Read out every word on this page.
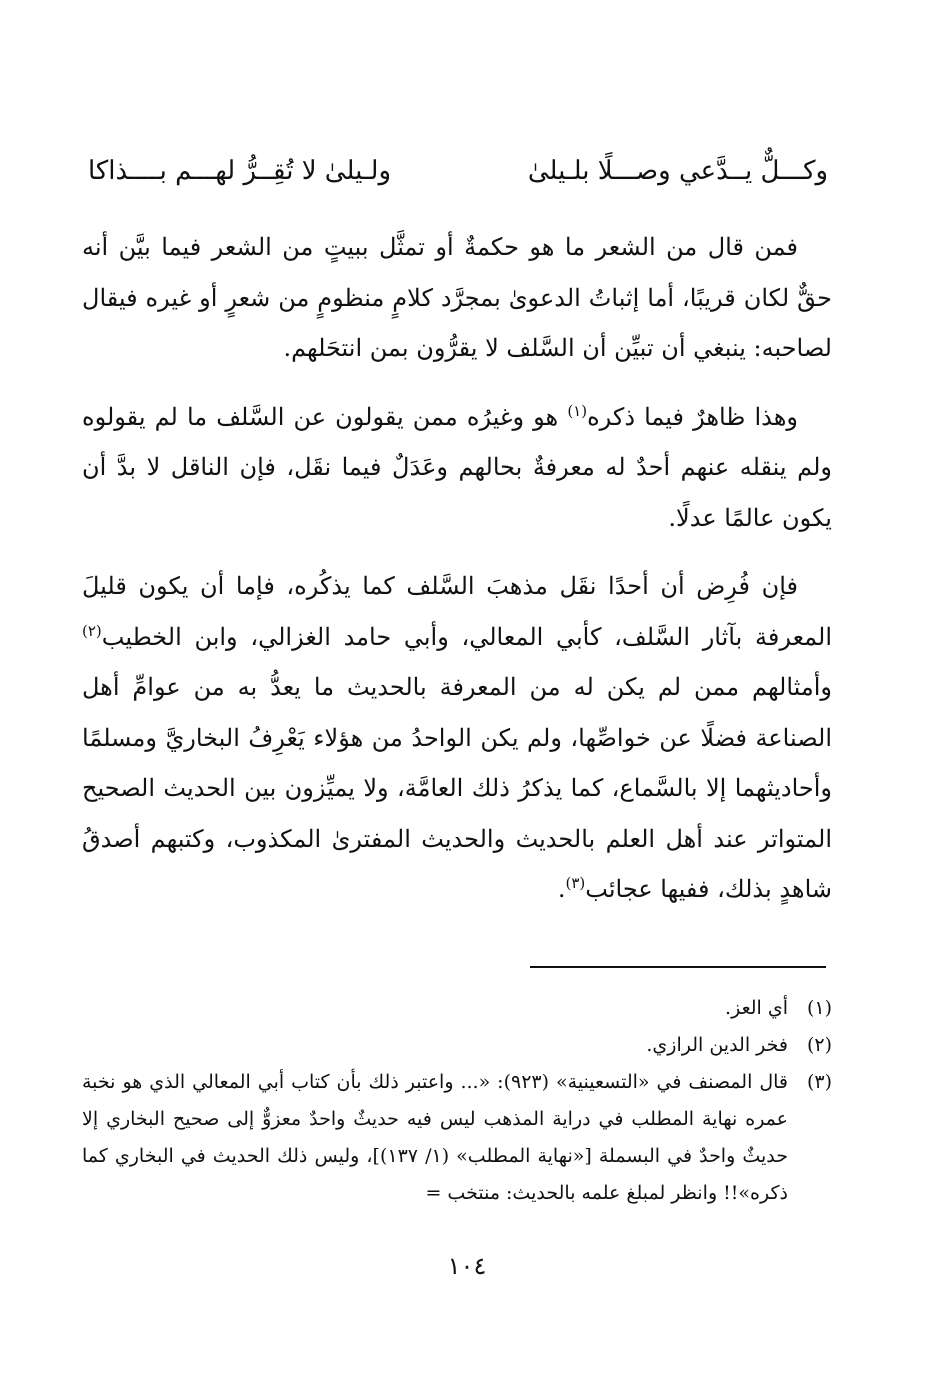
وكـــلٌّ يــدَّعي وصـــلًا بلـيلىٰ
ولـيلىٰ لا تُقِــرُّ لهـــم بــــذاكا

فمن قال من الشعر ما هو حكمةٌ أو تمثَّل ببيتٍ من الشعر فيما بيَّن أنه حقٌّ لكان قريبًا، أما إثباتُ الدعوىٰ بمجرَّد كلامٍ منظومٍ من شعرٍ أو غيره فيقال لصاحبه: ينبغي أن تبيِّن أن السَّلف لا يقرُّون بمن انتحَلهم.

وهذا ظاهرٌ فيما ذكره$^{(١)}$ هو وغيرُه ممن يقولون عن السَّلف ما لم يقولوه ولم ينقله عنهم أحدٌ له معرفةٌ بحالهم وعَدَلٌ فيما نقَل، فإن الناقل لا بدَّ أن يكون عالمًا عدلًا.

فإن فُرِض أن أحدًا نقَل مذهبَ السَّلف كما يذكُره، فإما أن يكون قليلَ المعرفة بآثار السَّلف، كأبي المعالي، وأبي حامد الغزالي، وابن الخطيب$^{(٢)}$ وأمثالهم ممن لم يكن له من المعرفة بالحديث ما يعدُّ به من عوامِّ أهل الصناعة فضلًا عن خواصِّها، ولم يكن الواحدُ من هؤلاء يَعْرِفُ البخاريَّ ومسلمًا وأحاديثهما إلا بالسَّماع، كما يذكرُ ذلك العامَّة، ولا يميِّزون بين الحديث الصحيح المتواتر عند أهل العلم بالحديث والحديث المفترىٰ المكذوب، وكتبهم أصدقُ شاهدٍ بذلك، ففيها عجائب$^{(٣)}$.

(١)
أي العز.
(٢)
فخر الدين الرازي.
(٣)
قال المصنف في «التسعينية» (٩٢٣): «... واعتبر ذلك بأن كتاب أبي المعالي الذي هو نخبة عمره نهاية المطلب في دراية المذهب ليس فيه حديثٌ واحدٌ معزوٌّ إلى صحيح البخاري إلا حديثٌ واحدٌ في البسملة [«نهاية المطلب» (١/ ١٣٧)]، وليس ذلك الحديث في البخاري كما ذكره»!! وانظر لمبلغ علمه بالحديث: منتخب =
١٠٤
